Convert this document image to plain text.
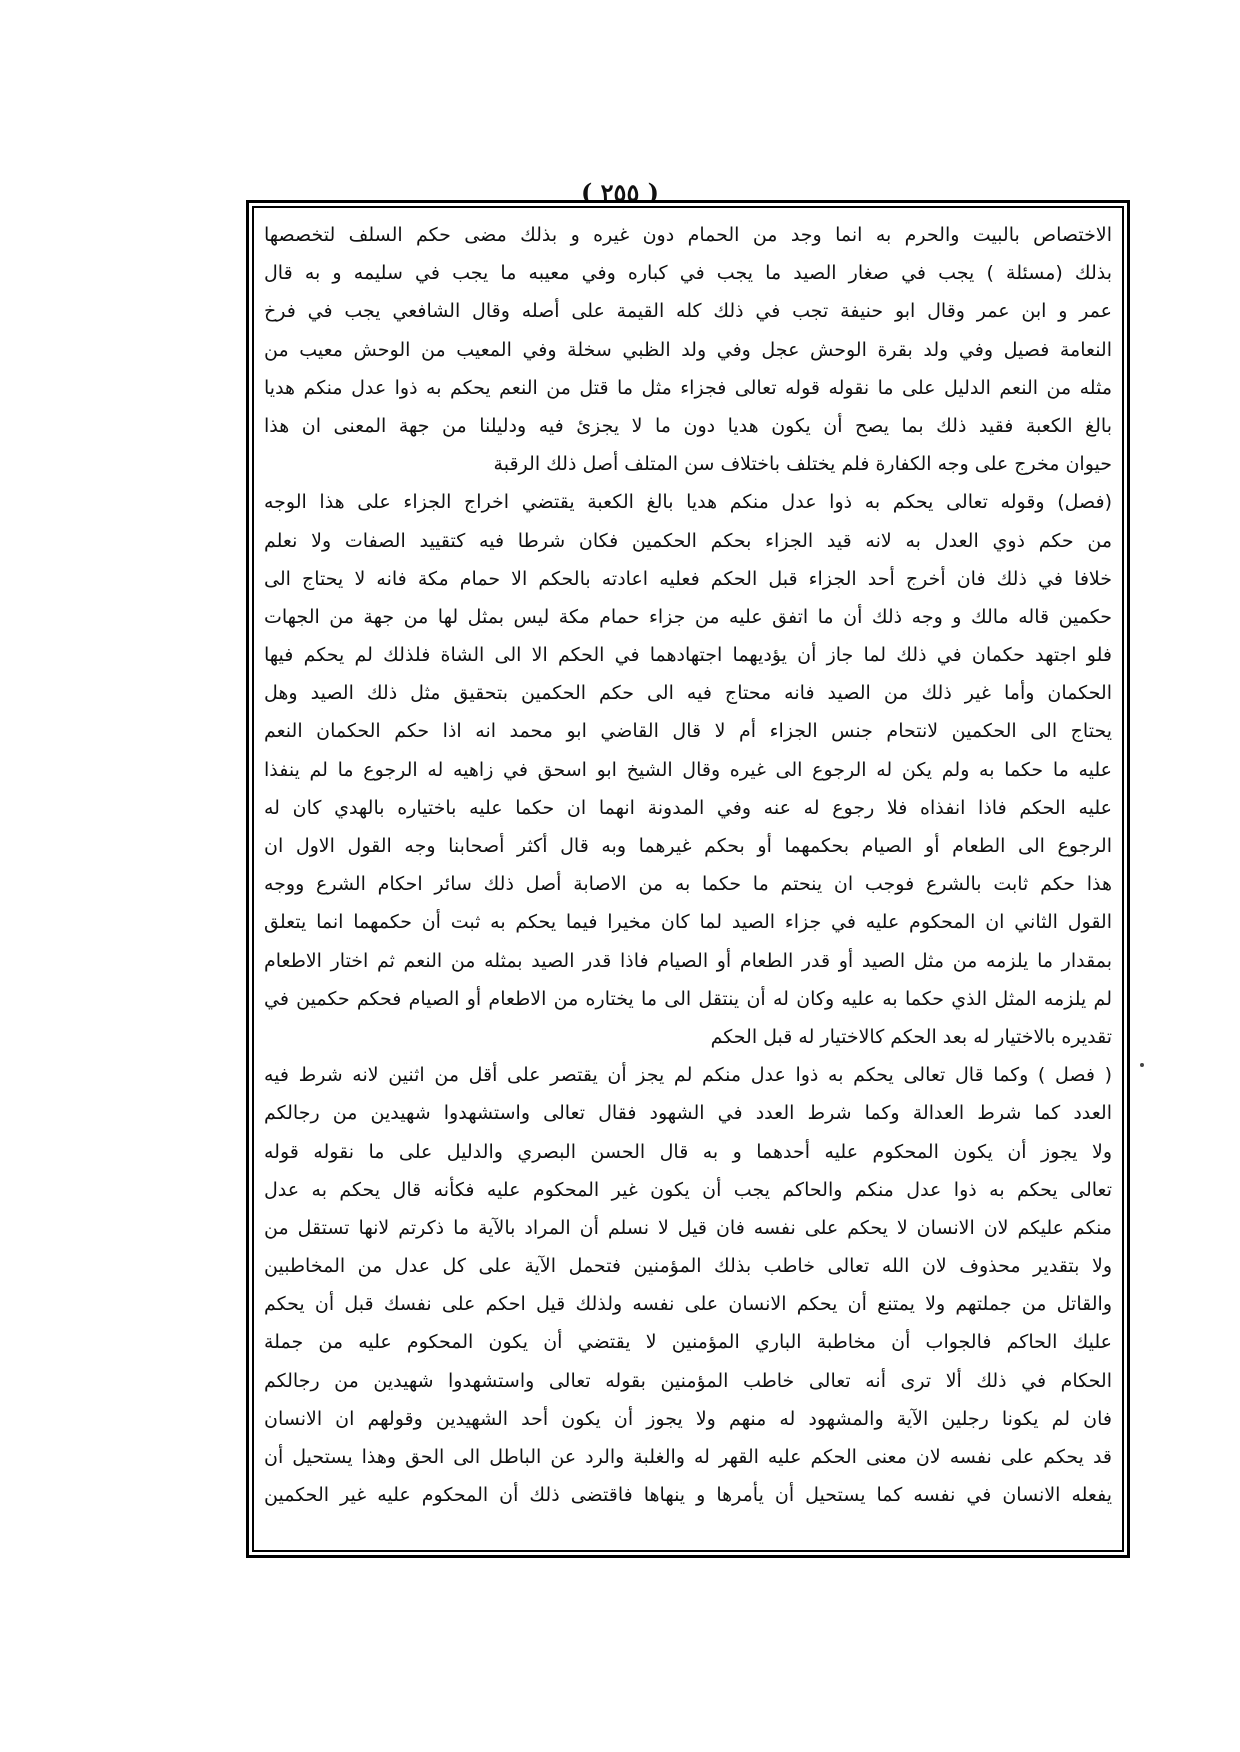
( ٢٥٥ )
الاختصاص بالبيت والحرم به انما وجد من الحمام دون غيره و بذلك مضى حكم السلف لتخصصها
بذلك (مسئلة ) يجب في صغار الصيد ما يجب في كباره وفي معيبه ما يجب في سليمه و به قال
عمر و ابن عمر وقال ابو حنيفة تجب في ذلك كله القيمة على أصله وقال الشافعي يجب في فرخ
النعامة فصيل وفي ولد بقرة الوحش عجل وفي ولد الظبي سخلة وفي المعيب من الوحش معيب من
مثله من النعم الدليل على ما نقوله قوله تعالى فجزاء مثل ما قتل من النعم يحكم به ذوا عدل منكم هديا
بالغ الكعبة فقيد ذلك بما يصح أن يكون هديا دون ما لا يجزئ فيه ودليلنا من جهة المعنى ان هذا
حيوان مخرج على وجه الكفارة فلم يختلف باختلاف سن المتلف أصل ذلك الرقبة
(فصل) وقوله تعالى يحكم به ذوا عدل منكم هديا بالغ الكعبة يقتضي اخراج الجزاء على هذا الوجه
من حكم ذوي العدل به لانه قيد الجزاء بحكم الحكمين فكان شرطا فيه كتقييد الصفات ولا نعلم
خلافا في ذلك فان أخرج أحد الجزاء قبل الحكم فعليه اعادته بالحكم الا حمام مكة فانه لا يحتاج الى
حكمين قاله مالك و وجه ذلك أن ما اتفق عليه من جزاء حمام مكة ليس بمثل لها من جهة من الجهات
فلو اجتهد حكمان في ذلك لما جاز أن يؤديهما اجتهادهما في الحكم الا الى الشاة فلذلك لم يحكم فيها
الحكمان وأما غير ذلك من الصيد فانه محتاج فيه الى حكم الحكمين بتحقيق مثل ذلك الصيد وهل
يحتاج الى الحكمين لانتحام جنس الجزاء أم لا قال القاضي ابو محمد انه اذا حكم الحكمان النعم
عليه ما حكما به ولم يكن له الرجوع الى غيره وقال الشيخ ابو اسحق في زاهيه له الرجوع ما لم ينفذا
عليه الحكم فاذا انفذاه فلا رجوع له عنه وفي المدونة انهما ان حكما عليه باختياره بالهدي كان له
الرجوع الى الطعام أو الصيام بحكمهما أو بحكم غيرهما وبه قال أكثر أصحابنا وجه القول الاول ان
هذا حكم ثابت بالشرع فوجب ان ينحتم ما حكما به من الاصابة أصل ذلك سائر احكام الشرع ووجه
القول الثاني ان المحكوم عليه في جزاء الصيد لما كان مخيرا فيما يحكم به ثبت أن حكمهما انما يتعلق
بمقدار ما يلزمه من مثل الصيد أو قدر الطعام أو الصيام فاذا قدر الصيد بمثله من النعم ثم اختار الاطعام
لم يلزمه المثل الذي حكما به عليه وكان له أن ينتقل الى ما يختاره من الاطعام أو الصيام فحكم حكمين في
تقديره بالاختيار له بعد الحكم كالاختيار له قبل الحكم
( فصل ) وكما قال تعالى يحكم به ذوا عدل منكم لم يجز أن يقتصر على أقل من اثنين لانه شرط فيه
العدد كما شرط العدالة وكما شرط العدد في الشهود فقال تعالى واستشهدوا شهيدين من رجالكم
ولا يجوز أن يكون المحكوم عليه أحدهما و به قال الحسن البصري والدليل على ما نقوله قوله
تعالى يحكم به ذوا عدل منكم والحاكم يجب أن يكون غير المحكوم عليه فكأنه قال يحكم به عدل
منكم عليكم لان الانسان لا يحكم على نفسه فان قيل لا نسلم أن المراد بالآية ما ذكرتم لانها تستقل من
ولا بتقدير محذوف لان الله تعالى خاطب بذلك المؤمنين فتحمل الآية على كل عدل من المخاطبين
والقاتل من جملتهم ولا يمتنع أن يحكم الانسان على نفسه ولذلك قيل احكم على نفسك قبل أن يحكم
عليك الحاكم فالجواب أن مخاطبة الباري المؤمنين لا يقتضي أن يكون المحكوم عليه من جملة
الحكام في ذلك ألا ترى أنه تعالى خاطب المؤمنين بقوله تعالى واستشهدوا شهيدين من رجالكم
فان لم يكونا رجلين الآية والمشهود له منهم ولا يجوز أن يكون أحد الشهيدين وقولهم ان الانسان
قد يحكم على نفسه لان معنى الحكم عليه القهر له والغلبة والرد عن الباطل الى الحق وهذا يستحيل أن
يفعله الانسان في نفسه كما يستحيل أن يأمرها و ينهاها فاقتضى ذلك أن المحكوم عليه غير الحكمين
